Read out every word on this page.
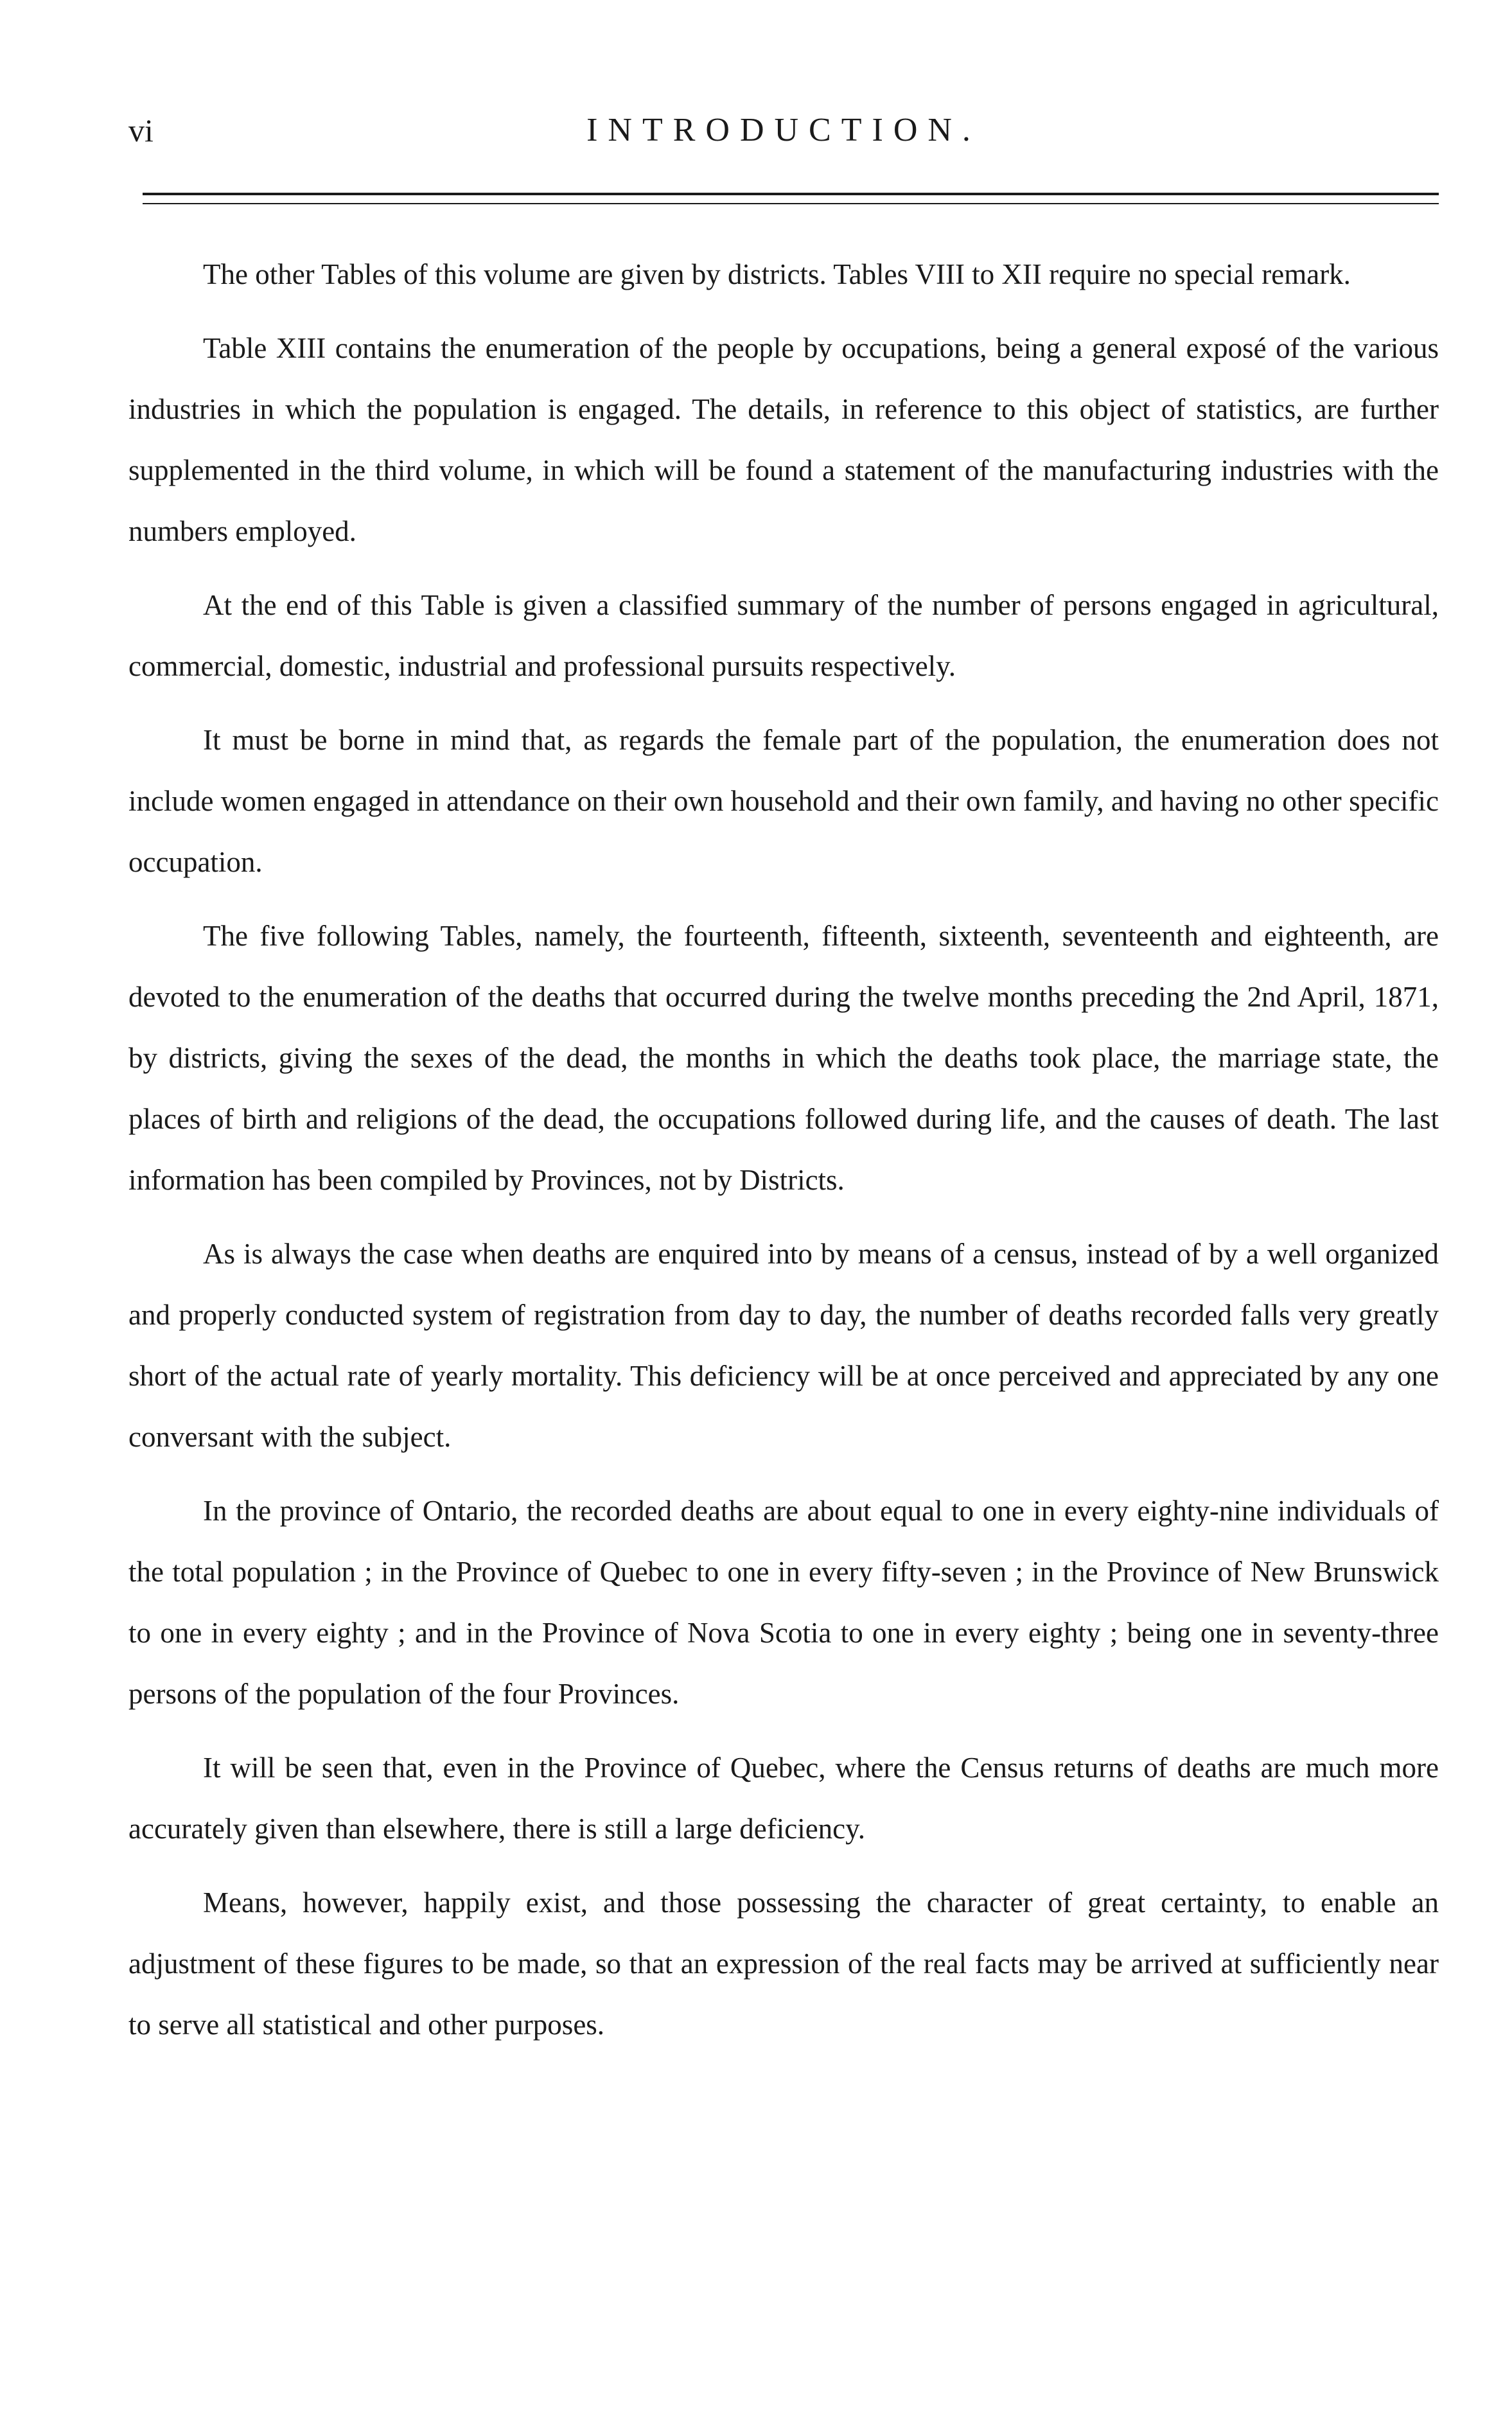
vi	INTRODUCTION.

The other Tables of this volume are given by districts. Tables VIII to XII require no special remark.

Table XIII contains the enumeration of the people by occupations, being a general exposé of the various industries in which the population is engaged. The details, in reference to this object of statistics, are further supplemented in the third volume, in which will be found a statement of the manufacturing industries with the numbers employed.

At the end of this Table is given a classified summary of the number of persons engaged in agricultural, commercial, domestic, industrial and professional pursuits respectively.

It must be borne in mind that, as regards the female part of the population, the enumeration does not include women engaged in attendance on their own household and their own family, and having no other specific occupation.

The five following Tables, namely, the fourteenth, fifteenth, sixteenth, seventeenth and eighteenth, are devoted to the enumeration of the deaths that occurred during the twelve months preceding the 2nd April, 1871, by districts, giving the sexes of the dead, the months in which the deaths took place, the marriage state, the places of birth and religions of the dead, the occupations followed during life, and the causes of death. The last information has been compiled by Provinces, not by Districts.

As is always the case when deaths are enquired into by means of a census, instead of by a well organized and properly conducted system of registration from day to day, the number of deaths recorded falls very greatly short of the actual rate of yearly mortality. This deficiency will be at once perceived and appreciated by any one conversant with the subject.

In the province of Ontario, the recorded deaths are about equal to one in every eighty-nine individuals of the total population ; in the Province of Quebec to one in every fifty-seven ; in the Province of New Brunswick to one in every eighty ; and in the Province of Nova Scotia to one in every eighty ; being one in seventy-three persons of the population of the four Provinces.

It will be seen that, even in the Province of Quebec, where the Census returns of deaths are much more accurately given than elsewhere, there is still a large deficiency.

Means, however, happily exist, and those possessing the character of great certainty, to enable an adjustment of these figures to be made, so that an expression of the real facts may be arrived at sufficiently near to serve all statistical and other purposes.
